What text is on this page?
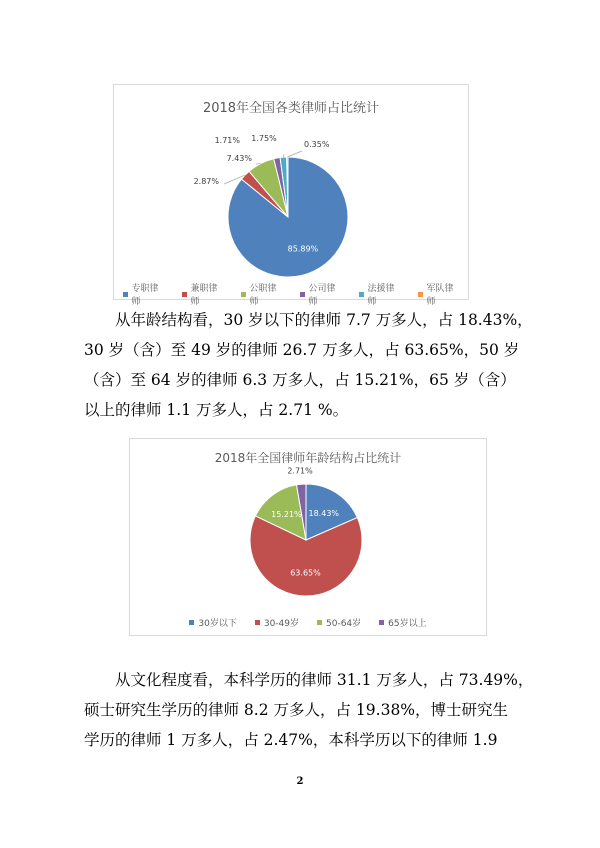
2018年全国各类律师占比统计
85.89%
2.87%
7.43%
1.71% 1.75%
0.35%
专职律师
兼职律师
公职律师
公司律师
法援律师
军队律师

从年龄结构看，30 岁以下的律师 7.7 万多人，占 18.43%，

30 岁（含）至 49 岁的律师 26.7 万多人，占 63.65%，50 岁

（含）至 64 岁的律师 6.3 万多人，占 15.21%，65 岁（含）

以上的律师 1.1 万多人，占 2.71 %。

2018年全国律师年龄结构占比统计
18.43%
63.65%
15.21%
2.71%
30岁以下	30-49岁	50-64岁	65岁以上

从文化程度看，本科学历的律师 31.1 万多人，占 73.49%，

硕士研究生学历的律师 8.2 万多人，占 19.38%，博士研究生

学历的律师 1 万多人，占 2.47%，本科学历以下的律师 1.9

2
